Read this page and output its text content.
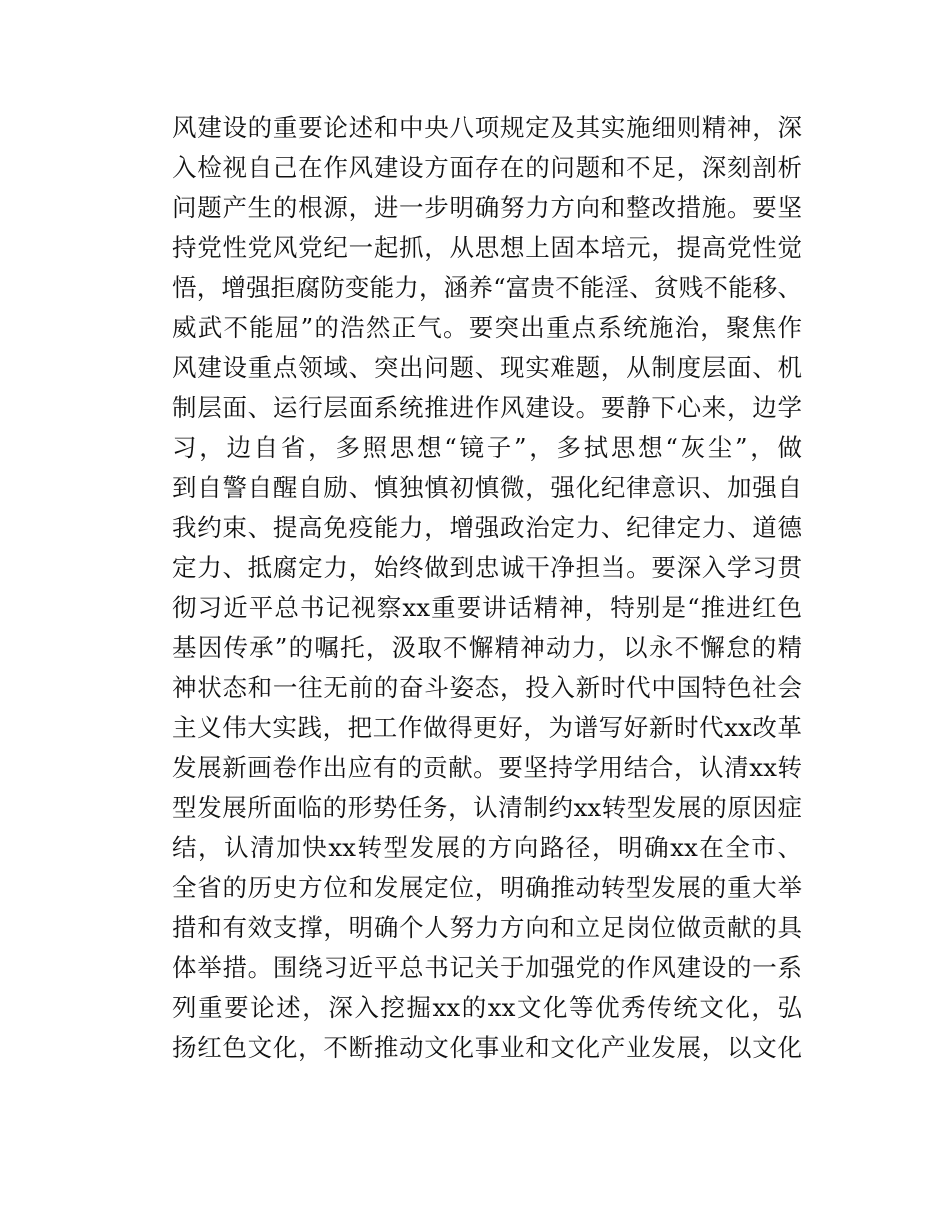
风建设的重要论述和中央八项规定及其实施细则精神，深
入检视自己在作风建设方面存在的问题和不足，深刻剖析
问题产生的根源，进一步明确努力方向和整改措施。要坚
持党性党风党纪一起抓，从思想上固本培元，提高党性觉
悟，增强拒腐防变能力，涵养“富贵不能淫、贫贱不能移、
威武不能屈”的浩然正气。要突出重点系统施治，聚焦作
风建设重点领域、突出问题、现实难题，从制度层面、机
制层面、运行层面系统推进作风建设。要静下心来，边学
习，边自省，多照思想“镜子”，多拭思想“灰尘”，做
到自警自醒自励、慎独慎初慎微，强化纪律意识、加强自
我约束、提高免疫能力，增强政治定力、纪律定力、道德
定力、抵腐定力，始终做到忠诚干净担当。要深入学习贯
彻习近平总书记视察xx重要讲话精神，特别是“推进红色
基因传承”的嘱托，汲取不懈精神动力，以永不懈怠的精
神状态和一往无前的奋斗姿态，投入新时代中国特色社会
主义伟大实践，把工作做得更好，为谱写好新时代xx改革
发展新画卷作出应有的贡献。要坚持学用结合，认清xx转
型发展所面临的形势任务，认清制约xx转型发展的原因症
结，认清加快xx转型发展的方向路径，明确xx在全市、
全省的历史方位和发展定位，明确推动转型发展的重大举
措和有效支撑，明确个人努力方向和立足岗位做贡献的具
体举措。围绕习近平总书记关于加强党的作风建设的一系
列重要论述，深入挖掘xx的xx文化等优秀传统文化，弘
扬红色文化，不断推动文化事业和文化产业发展，以文化
